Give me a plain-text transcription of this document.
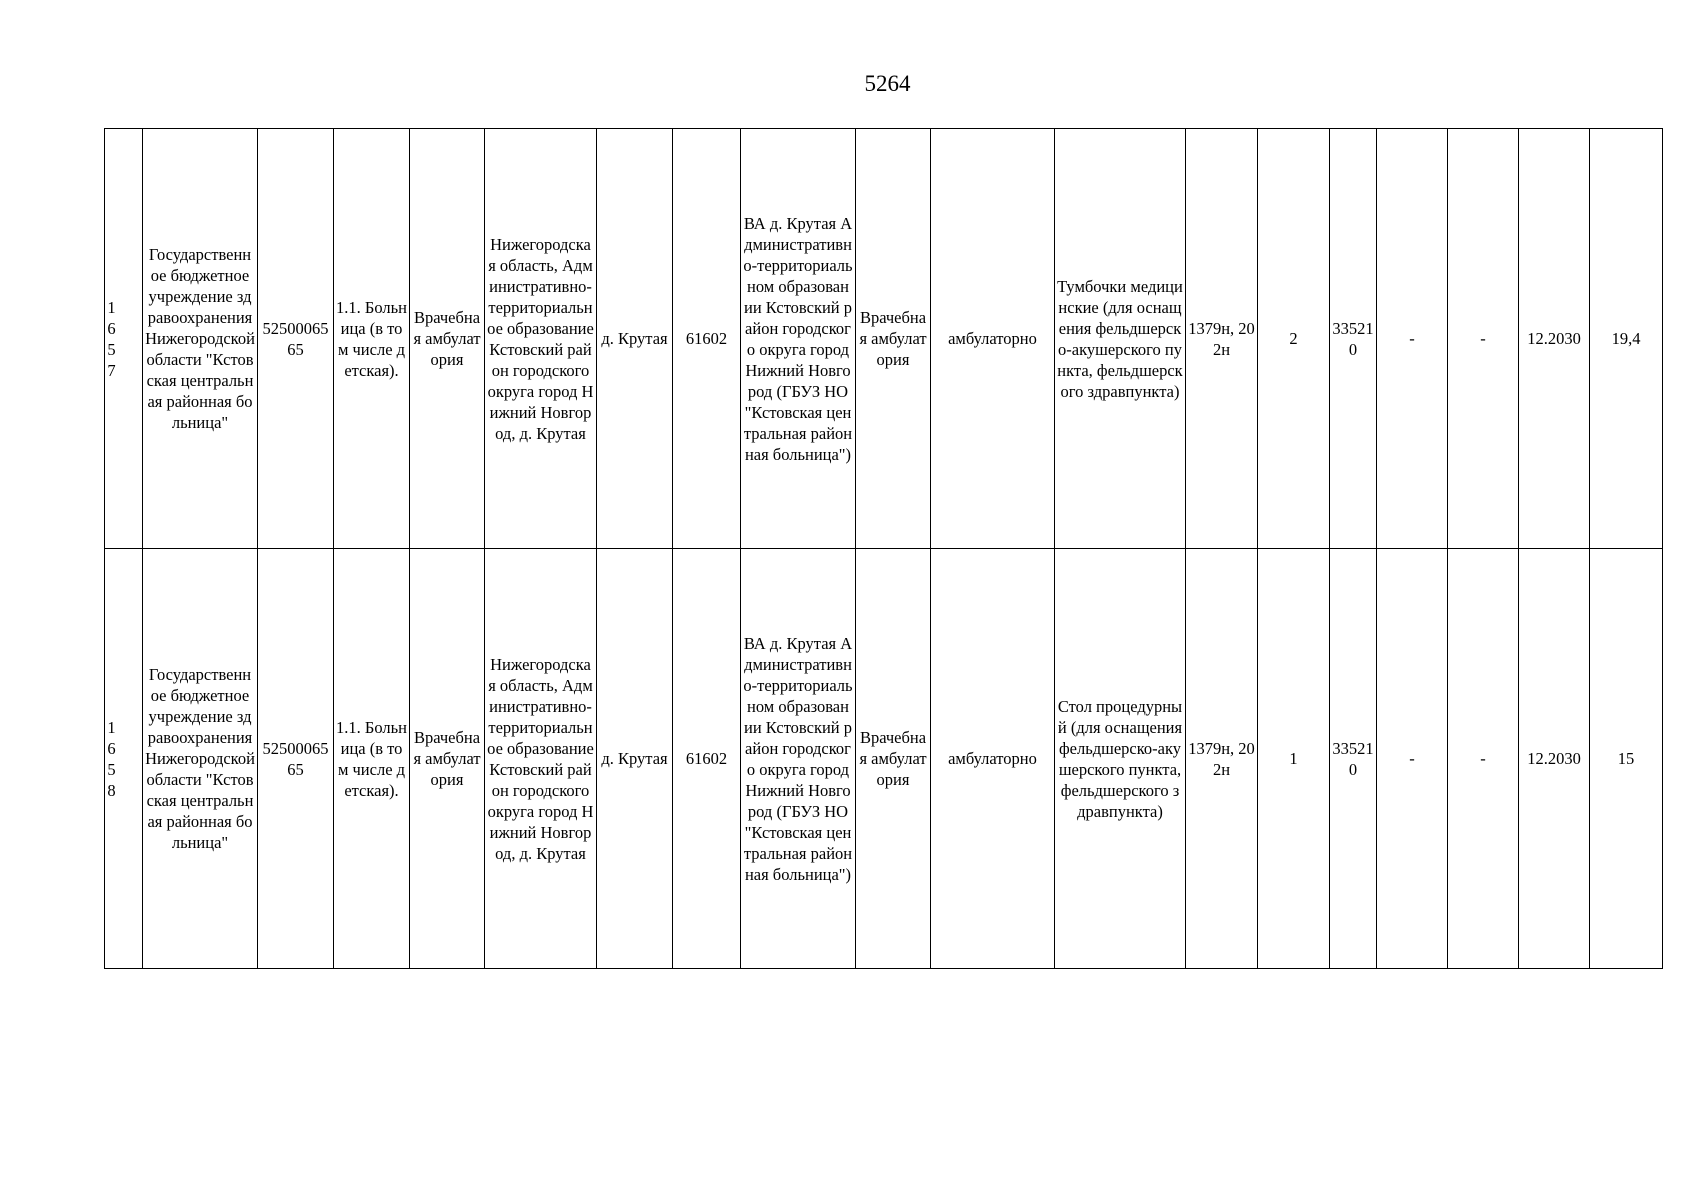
5264
1657	Государственное бюджетное учреждение здравоохранения Нижегородской области "Кстовская центральная районная больница"	5250006565	1.1. Больница (в том числе детская).	Врачебная амбулатория	Нижегородская область, Административно-территориальное образование Кстовский район городского округа город Нижний Новгород, д. Крутая	д. Крутая	61602	ВА д. Крутая Административно-территориальном образовании Кстовский район городского округа город Нижний Новгород (ГБУЗ НО "Кстовская центральная районная больница")	Врачебная амбулатория	амбулаторно	Тумбочки медицинские (для оснащения фельдшерско-акушерского пункта, фельдшерского здравпункта)	1379н, 202н	2	335210	-	-	12.2030	19,4

1658	Государственное бюджетное учреждение здравоохранения Нижегородской области "Кстовская центральная районная больница"	5250006565	1.1. Больница (в том числе детская).	Врачебная амбулатория	Нижегородская область, Административно-территориальное образование Кстовский район городского округа город Нижний Новгород, д. Крутая	д. Крутая	61602	ВА д. Крутая Административно-территориальном образовании Кстовский район городского округа город Нижний Новгород (ГБУЗ НО "Кстовская центральная районная больница")	Врачебная амбулатория	амбулаторно	Стол процедурный (для оснащения фельдшерско-акушерского пункта, фельдшерского здравпункта)	1379н, 202н	1	335210	-	-	12.2030	15
